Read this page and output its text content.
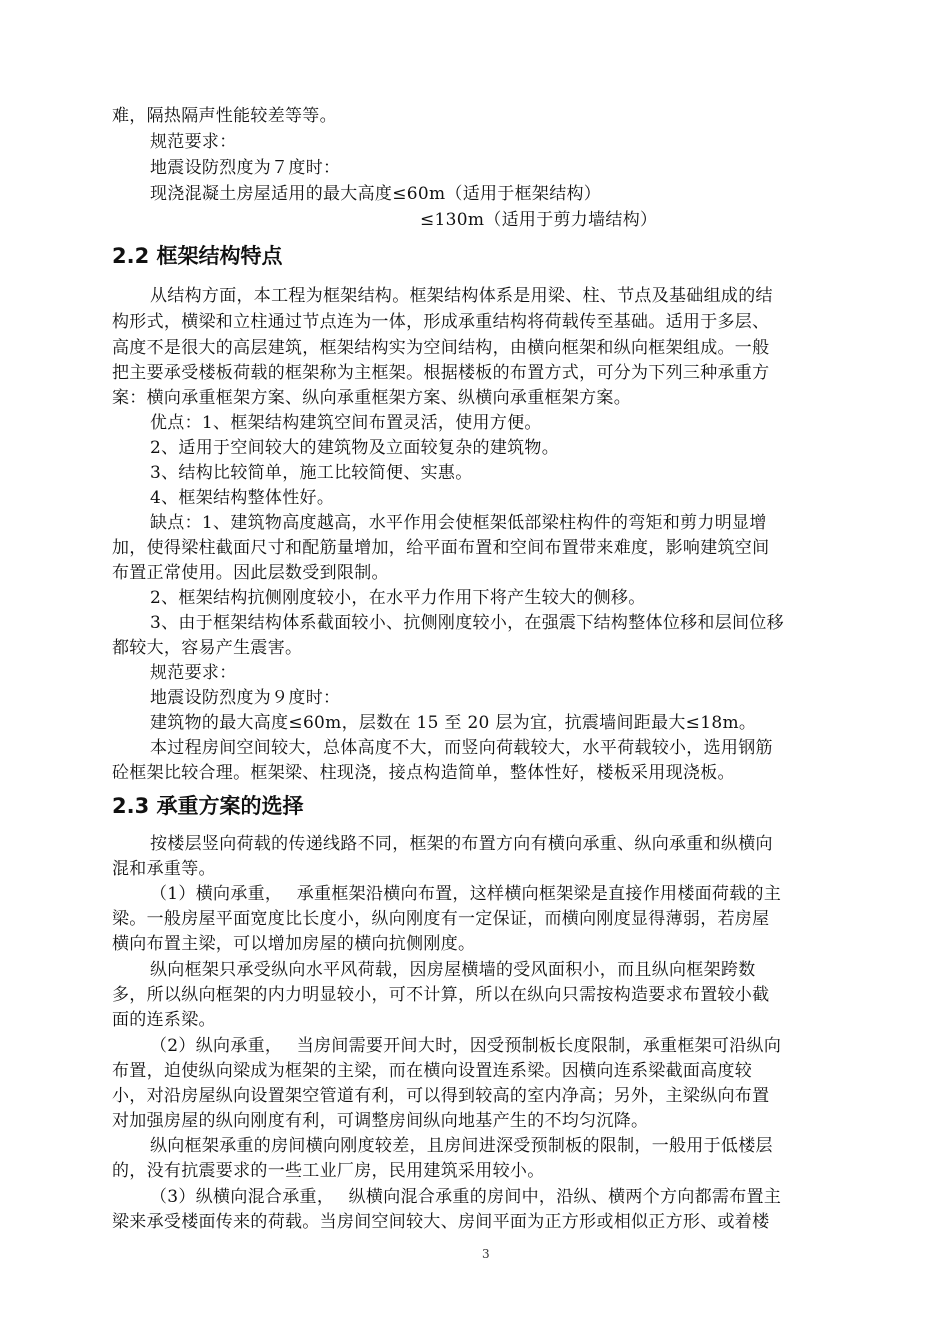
难，隔热隔声性能较差等等。
规范要求：
地震设防烈度为７度时：
现浇混凝土房屋适用的最大高度≤60m（适用于框架结构）
≤130m（适用于剪力墙结构）
2.2 框架结构特点
从结构方面，本工程为框架结构。框架结构体系是用梁、柱、节点及基础组成的结
构形式，横梁和立柱通过节点连为一体，形成承重结构将荷载传至基础。适用于多层、
高度不是很大的高层建筑，框架结构实为空间结构，由横向框架和纵向框架组成。一般
把主要承受楼板荷载的框架称为主框架。根据楼板的布置方式，可分为下列三种承重方
案：横向承重框架方案、纵向承重框架方案、纵横向承重框架方案。
优点：1、框架结构建筑空间布置灵活，使用方便。
2、适用于空间较大的建筑物及立面较复杂的建筑物。
3、结构比较简单，施工比较简便、实惠。
4、框架结构整体性好。
缺点：1、建筑物高度越高，水平作用会使框架低部梁柱构件的弯矩和剪力明显增
加，使得梁柱截面尺寸和配筋量增加，给平面布置和空间布置带来难度，影响建筑空间
布置正常使用。因此层数受到限制。
2、框架结构抗侧刚度较小，在水平力作用下将产生较大的侧移。
3、由于框架结构体系截面较小、抗侧刚度较小，在强震下结构整体位移和层间位移
都较大，容易产生震害。
规范要求：
地震设防烈度为９度时：
建筑物的最大高度≤60m，层数在 15 至 20 层为宜，抗震墙间距最大≤18m。
本过程房间空间较大，总体高度不大，而竖向荷载较大，水平荷载较小，选用钢筋
砼框架比较合理。框架梁、柱现浇，接点构造简单，整体性好，楼板采用现浇板。
2.3 承重方案的选择
按楼层竖向荷载的传递线路不同，框架的布置方向有横向承重、纵向承重和纵横向
混和承重等。
（1）横向承重，　 承重框架沿横向布置，这样横向框架梁是直接作用楼面荷载的主
梁。一般房屋平面宽度比长度小，纵向刚度有一定保证，而横向刚度显得薄弱，若房屋
横向布置主梁，可以增加房屋的横向抗侧刚度。
纵向框架只承受纵向水平风荷载，因房屋横墙的受风面积小，而且纵向框架跨数
多，所以纵向框架的内力明显较小，可不计算，所以在纵向只需按构造要求布置较小截
面的连系梁。
（2）纵向承重，　 当房间需要开间大时，因受预制板长度限制，承重框架可沿纵向
布置，迫使纵向梁成为框架的主梁，而在横向设置连系梁。因横向连系梁截面高度较
小，对沿房屋纵向设置架空管道有利，可以得到较高的室内净高；另外，主梁纵向布置
对加强房屋的纵向刚度有利，可调整房间纵向地基产生的不均匀沉降。
纵向框架承重的房间横向刚度较差，且房间进深受预制板的限制，一般用于低楼层
的，没有抗震要求的一些工业厂房，民用建筑采用较小。
（3）纵横向混合承重，　 纵横向混合承重的房间中，沿纵、横两个方向都需布置主
梁来承受楼面传来的荷载。当房间空间较大、房间平面为正方形或相似正方形、或着楼
3
